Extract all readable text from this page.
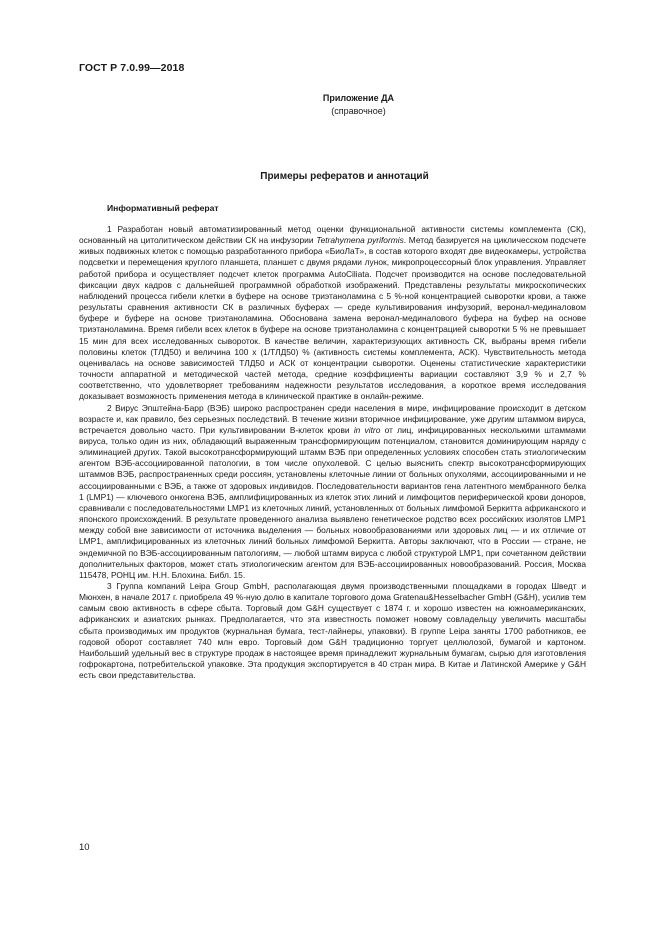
ГОСТ Р 7.0.99—2018
Приложение ДА
(справочное)
Примеры рефератов и аннотаций
Информативный реферат

1 Разработан новый автоматизированный метод оценки функциональной активности системы комплемента (СК), основанный на цитолитическом действии СК на инфузории Tetrahymena pyriformis. Метод базируется на цикличесском подсчете живых подвижных клеток с помощью разработанного прибора «БиоЛаТ», в состав которого входят две видеокамеры, устройства подсветки и перемещения круглого планшета, планшет с двумя рядами лунок, микропроцессорный блок управления. Управляет работой прибора и осуществляет подсчет клеток программа AutoCiliata. Подсчет производится на основе последовательной фиксации двух кадров с дальнейшей программной обработкой изображений. Представлены результаты микроскопических наблюдений процесса гибели клетки в буфере на основе триэтаноламина с 5 %-ной концентрацией сыворотки крови, а также результаты сравнения активности СК в различных буферах — среде культивирования инфузорий, веронал-мединаловом буфере и буфере на основе триэтаноламина. Обоснована замена веронал-мединалового буфера на буфер на основе триэтаноламина. Время гибели всех клеток в буфере на основе триэтаноламина с концентрацией сыворотки 5 % не превышает 15 мин для всех исследованных сывороток. В качестве величин, характеризующих активность СК, выбраны время гибели половины клеток (ТЛД50) и величина 100 х (1/ТЛД50) % (активность системы комплемента, АСК). Чувствительность метода оценивалась на основе зависимостей ТЛД50 и АСК от концентрации сыворотки. Оценены статистические характеристики точности аппаратной и методической частей метода, средние коэффициенты вариации составляют 3,9 % и 2,7 % соответственно, что удовлетворяет требованиям надежности результатов исследования, а короткое время исследования доказывает возможность применения метода в клинической практике в онлайн-режиме.

2 Вирус Эпштейна-Барр (ВЭБ) широко распространен среди населения в мире, инфицирование происходит в детском возрасте и, как правило, без серьезных последствий. В течение жизни вторичное инфицирование, уже другим штаммом вируса, встречается довольно часто. При культивировании В-клеток крови in vitro от лиц, инфицированных несколькими штаммами вируса, только один из них, обладающий выраженным трансформирующим потенциалом, становится доминирующим наряду с элиминацией других. Такой высокотрансформирующий штамм ВЭБ при определенных условиях способен стать этиологическим агентом ВЭБ-ассоциированной патологии, в том числе опухолевой. С целью выяснить спектр высокотрансформирующих штаммов ВЭБ, распространенных среди россиян, установлены клеточные линии от больных опухолями, ассоциированными и не ассоциированными с ВЭБ, а также от здоровых индивидов. Последовательности вариантов гена латентного мембранного белка 1 (LMP1) — ключевого онкогена ВЭБ, амплифицированных из клеток этих линий и лимфоцитов периферической крови доноров, сравнивали с последовательностями LMP1 из клеточных линий, установленных от больных лимфомой Беркитта африканского и японского происхождений. В результате проведенного анализа выявлено генетическое родство всех российских изолятов LMP1 между собой вне зависимости от источника выделения — больных новообразованиями или здоровых лиц — и их отличие от LMP1, амплифицированных из клеточных линий больных лимфомой Беркитта. Авторы заключают, что в России — стране, не эндемичной по ВЭБ-ассоциированным патологиям, — любой штамм вируса с любой структурой LMP1, при сочетанном действии дополнительных факторов, может стать этиологическим агентом для ВЭБ-ассоциированных новообразований. Россия, Москва 115478, РОНЦ им. Н.Н. Блохина. Библ. 15.

3 Группа компаний Leipa Group GmbH, располагающая двумя производственными площадками в городах Шведт и Мюнхен, в начале 2017 г. приобрела 49 %-ную долю в капитале торгового дома Gratenau&Hesselbacher GmbH (G&H), усилив тем самым свою активность в сфере сбыта. Торговый дом G&H существует с 1874 г. и хорошо известен на южноамериканских, африканских и азиатских рынках. Предполагается, что эта известность поможет новому совладельцу увеличить масштабы сбыта производимых им продуктов (журнальная бумага, тест-лайнеры, упаковки). В группе Leipa заняты 1700 работников, ее годовой оборот составляет 740 млн евро. Торговый дом G&H традиционно торгует целлюлозой, бумагой и картоном. Наибольший удельный вес в структуре продаж в настоящее время принадлежит журнальным бумагам, сырью для изготовления гофрокартона, потребительской упаковке. Эта продукция экспортируется в 40 стран мира. В Китае и Латинской Америке у G&H есть свои представительства.

10
